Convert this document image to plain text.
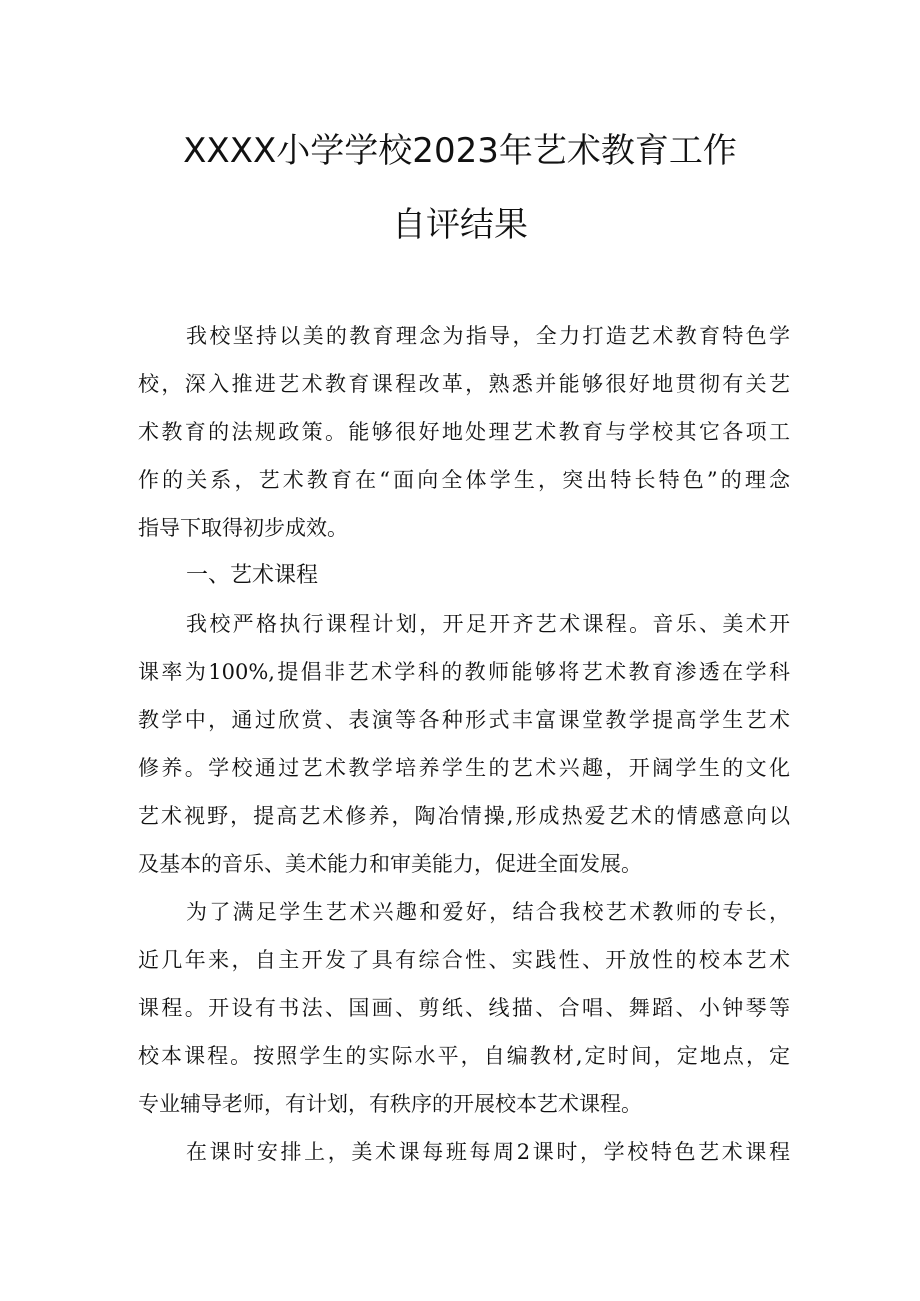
XXXX小学学校2023年艺术教育工作
自评结果
我校坚持以美的教育理念为指导，全力打造艺术教育特色学
校，深入推进艺术教育课程改革，熟悉并能够很好地贯彻有关艺
术教育的法规政策。能够很好地处理艺术教育与学校其它各项工
作的关系，艺术教育在“面向全体学生，突出特长特色”的理念
指导下取得初步成效。
一、艺术课程
我校严格执行课程计划，开足开齐艺术课程。音乐、美术开
课率为100%,提倡非艺术学科的教师能够将艺术教育渗透在学科
教学中，通过欣赏、表演等各种形式丰富课堂教学提高学生艺术
修养。学校通过艺术教学培养学生的艺术兴趣，开阔学生的文化
艺术视野，提高艺术修养，陶冶情操,形成热爱艺术的情感意向以
及基本的音乐、美术能力和审美能力，促进全面发展。
为了满足学生艺术兴趣和爱好，结合我校艺术教师的专长，
近几年来，自主开发了具有综合性、实践性、开放性的校本艺术
课程。开设有书法、国画、剪纸、线描、合唱、舞蹈、小钟琴等
校本课程。按照学生的实际水平，自编教材,定时间，定地点，定
专业辅导老师，有计划，有秩序的开展校本艺术课程。
在课时安排上，美术课每班每周2课时，学校特色艺术课程
